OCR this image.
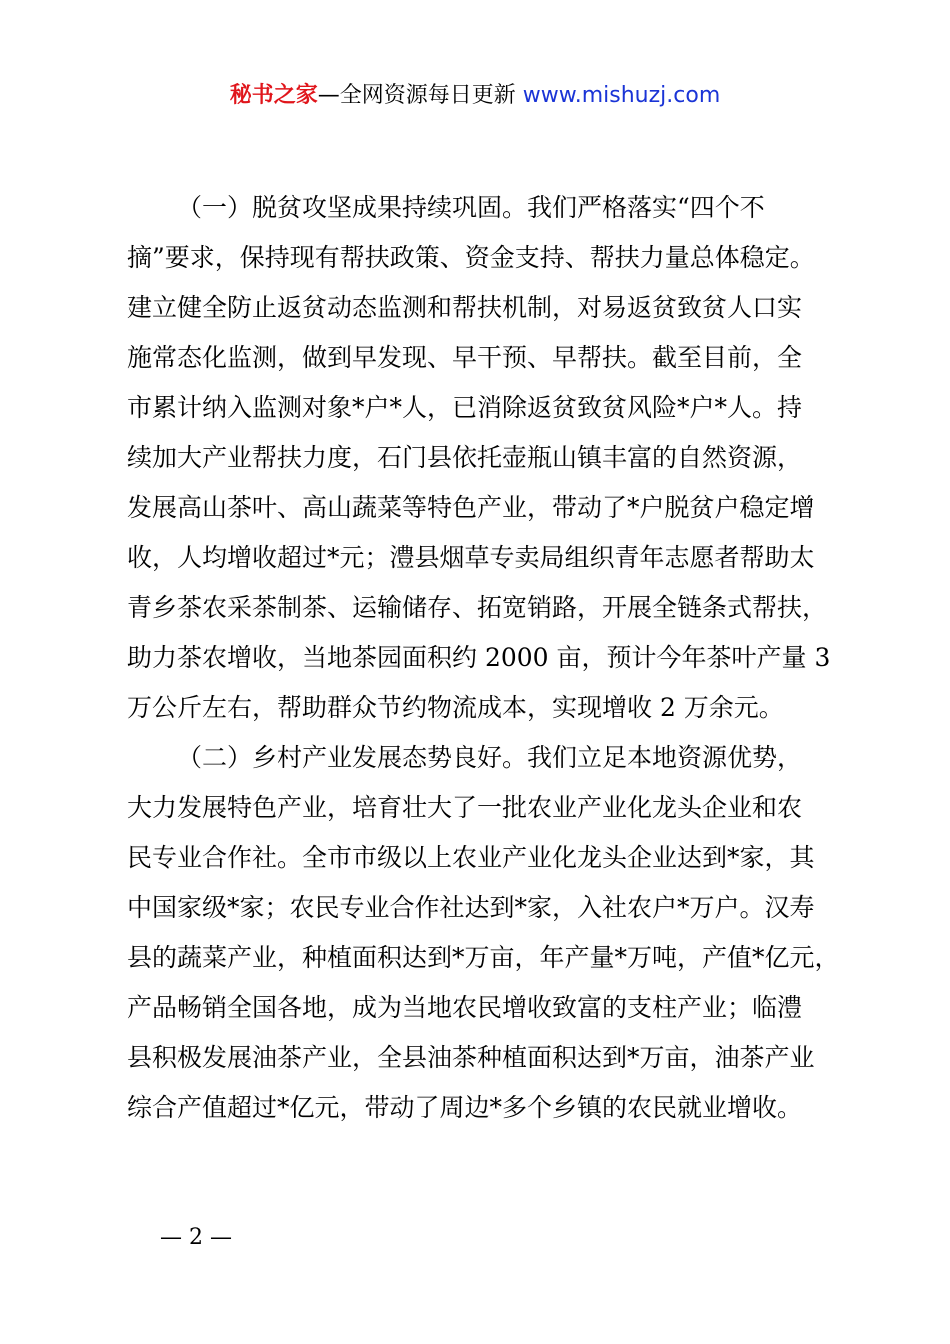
秘书之家—全网资源每日更新 www.mishuzj.com
（一）脱贫攻坚成果持续巩固。我们严格落实“四个不
摘”要求，保持现有帮扶政策、资金支持、帮扶力量总体稳定。
建立健全防止返贫动态监测和帮扶机制，对易返贫致贫人口实
施常态化监测，做到早发现、早干预、早帮扶。截至目前，全
市累计纳入监测对象*户*人，已消除返贫致贫风险*户*人。持
续加大产业帮扶力度，石门县依托壶瓶山镇丰富的自然资源，
发展高山茶叶、高山蔬菜等特色产业，带动了*户脱贫户稳定增
收，人均增收超过*元；澧县烟草专卖局组织青年志愿者帮助太
青乡茶农采茶制茶、运输储存、拓宽销路，开展全链条式帮扶，
助力茶农增收，当地茶园面积约 2000 亩，预计今年茶叶产量 3
万公斤左右，帮助群众节约物流成本，实现增收 2 万余元。
（二）乡村产业发展态势良好。我们立足本地资源优势，
大力发展特色产业，培育壮大了一批农业产业化龙头企业和农
民专业合作社。全市市级以上农业产业化龙头企业达到*家，其
中国家级*家；农民专业合作社达到*家，入社农户*万户。汉寿
县的蔬菜产业，种植面积达到*万亩，年产量*万吨，产值*亿元，
产品畅销全国各地，成为当地农民增收致富的支柱产业；临澧
县积极发展油茶产业，全县油茶种植面积达到*万亩，油茶产业
综合产值超过*亿元，带动了周边*多个乡镇的农民就业增收。
— 2 —
